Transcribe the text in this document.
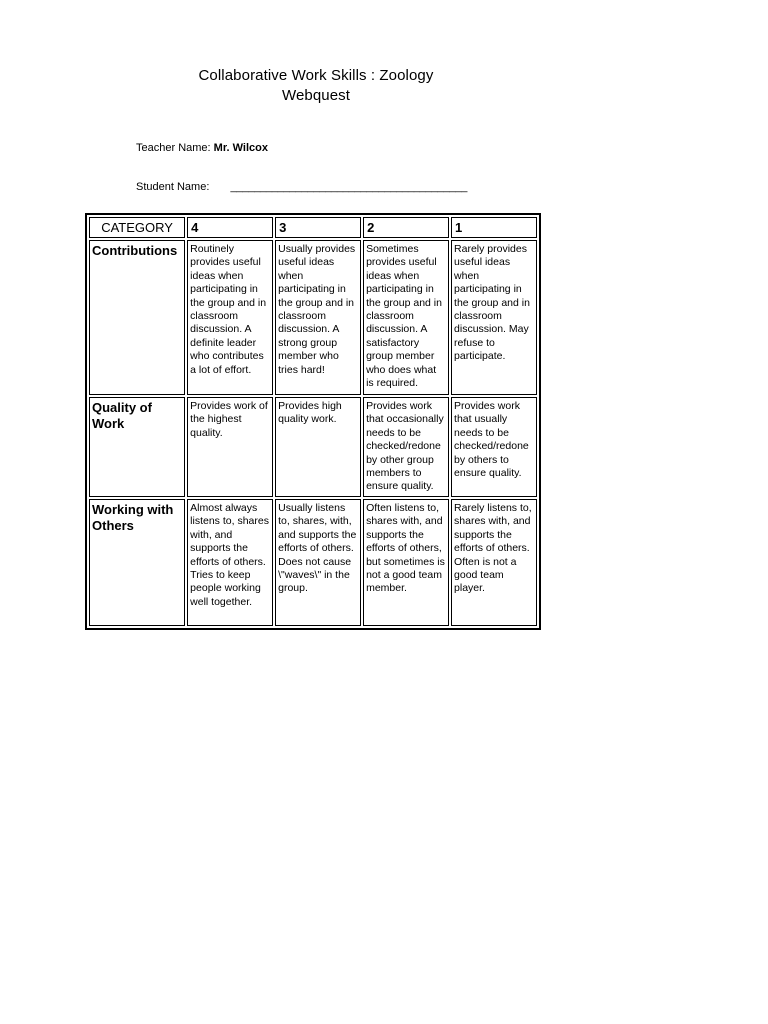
Collaborative Work Skills : Zoology
Webquest
Teacher Name: Mr. Wilcox
Student Name: ________________________________________
CATEGORY	4	3	2	1
Contributions	Routinely provides useful ideas when participating in the group and in classroom discussion. A definite leader who contributes a lot of effort.	Usually provides useful ideas when participating in the group and in classroom discussion. A strong group member who tries hard!	Sometimes provides useful ideas when participating in the group and in classroom discussion. A satisfactory group member who does what is required.	Rarely provides useful ideas when participating in the group and in classroom discussion. May refuse to participate.
Quality of Work	Provides work of the highest quality.	Provides high quality work.	Provides work that occasionally needs to be checked/redone by other group members to ensure quality.	Provides work that usually needs to be checked/redone by others to ensure quality.
Working with Others	Almost always listens to, shares with, and supports the efforts of others. Tries to keep people working well together.	Usually listens to, shares, with, and supports the efforts of others. Does not cause \"waves\" in the group.	Often listens to, shares with, and supports the efforts of others, but sometimes is not a good team member.	Rarely listens to, shares with, and supports the efforts of others. Often is not a good team player.
